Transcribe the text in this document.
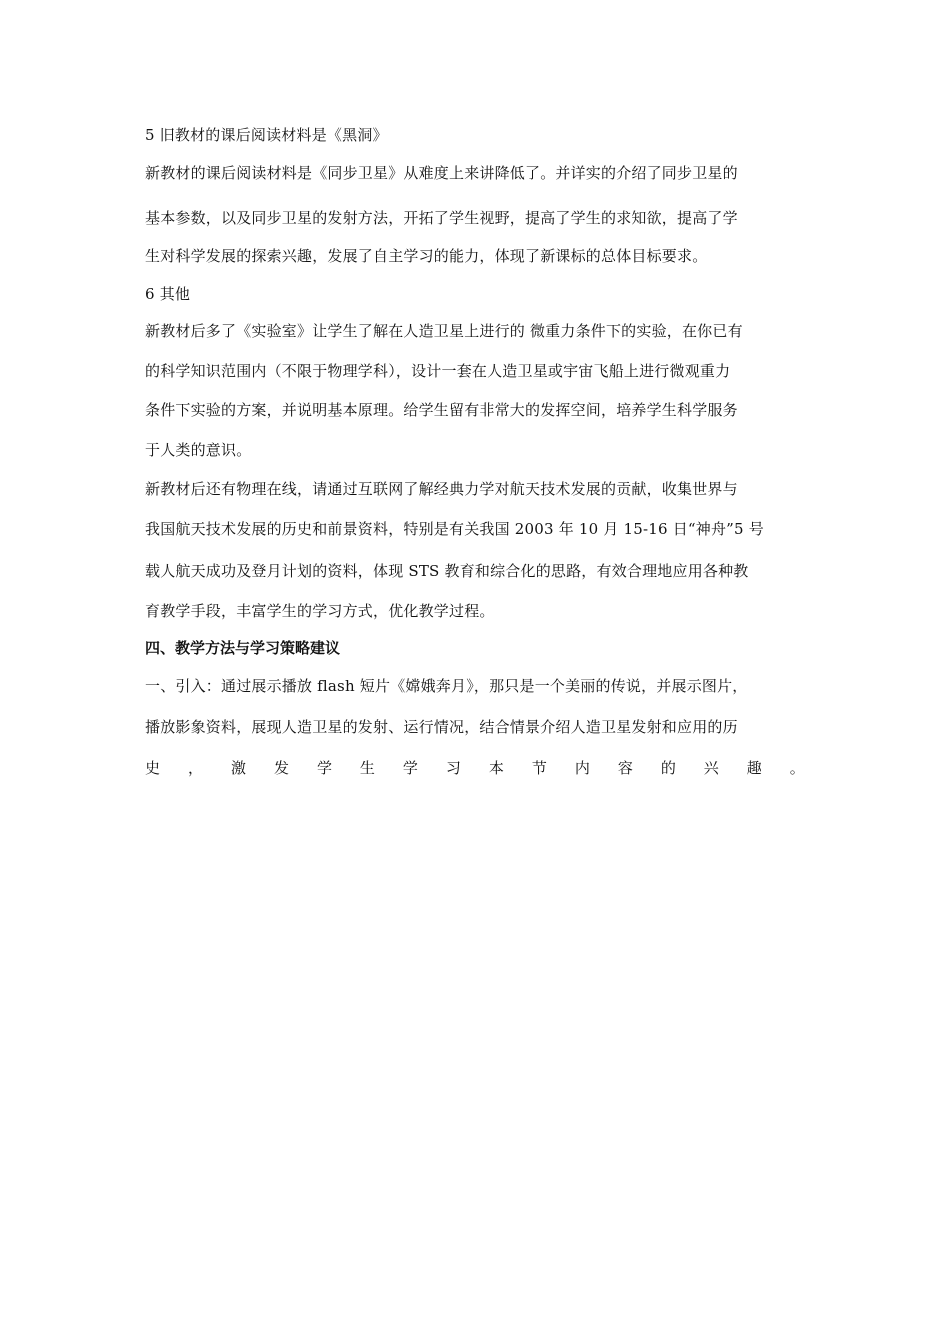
5 旧教材的课后阅读材料是《黑洞》
新教材的课后阅读材料是《同步卫星》从难度上来讲降低了。并详实的介绍了同步卫星的
基本参数，以及同步卫星的发射方法，开拓了学生视野，提高了学生的求知欲，提高了学
生对科学发展的探索兴趣，发展了自主学习的能力，体现了新课标的总体目标要求。
6 其他
新教材后多了《实验室》让学生了解在人造卫星上进行的 微重力条件下的实验，在你已有
的科学知识范围内（不限于物理学科），设计一套在人造卫星或宇宙飞船上进行微观重力
条件下实验的方案，并说明基本原理。给学生留有非常大的发挥空间，培养学生科学服务
于人类的意识。
新教材后还有物理在线，请通过互联网了解经典力学对航天技术发展的贡献，收集世界与
我国航天技术发展的历史和前景资料，特别是有关我国 2003 年 10 月 15-16 日“神舟”5 号
载人航天成功及登月计划的资料，体现 STS 教育和综合化的思路，有效合理地应用各种教
育教学手段，丰富学生的学习方式，优化教学过程。
四、教学方法与学习策略建议
一、引入：通过展示播放 flash 短片《嫦娥奔月》，那只是一个美丽的传说，并展示图片，
播放影象资料，展现人造卫星的发射、运行情况，结合情景介绍人造卫星发射和应用的历
史 ， 激 发 学 生 学 习 本 节 内 容 的 兴 趣 。
